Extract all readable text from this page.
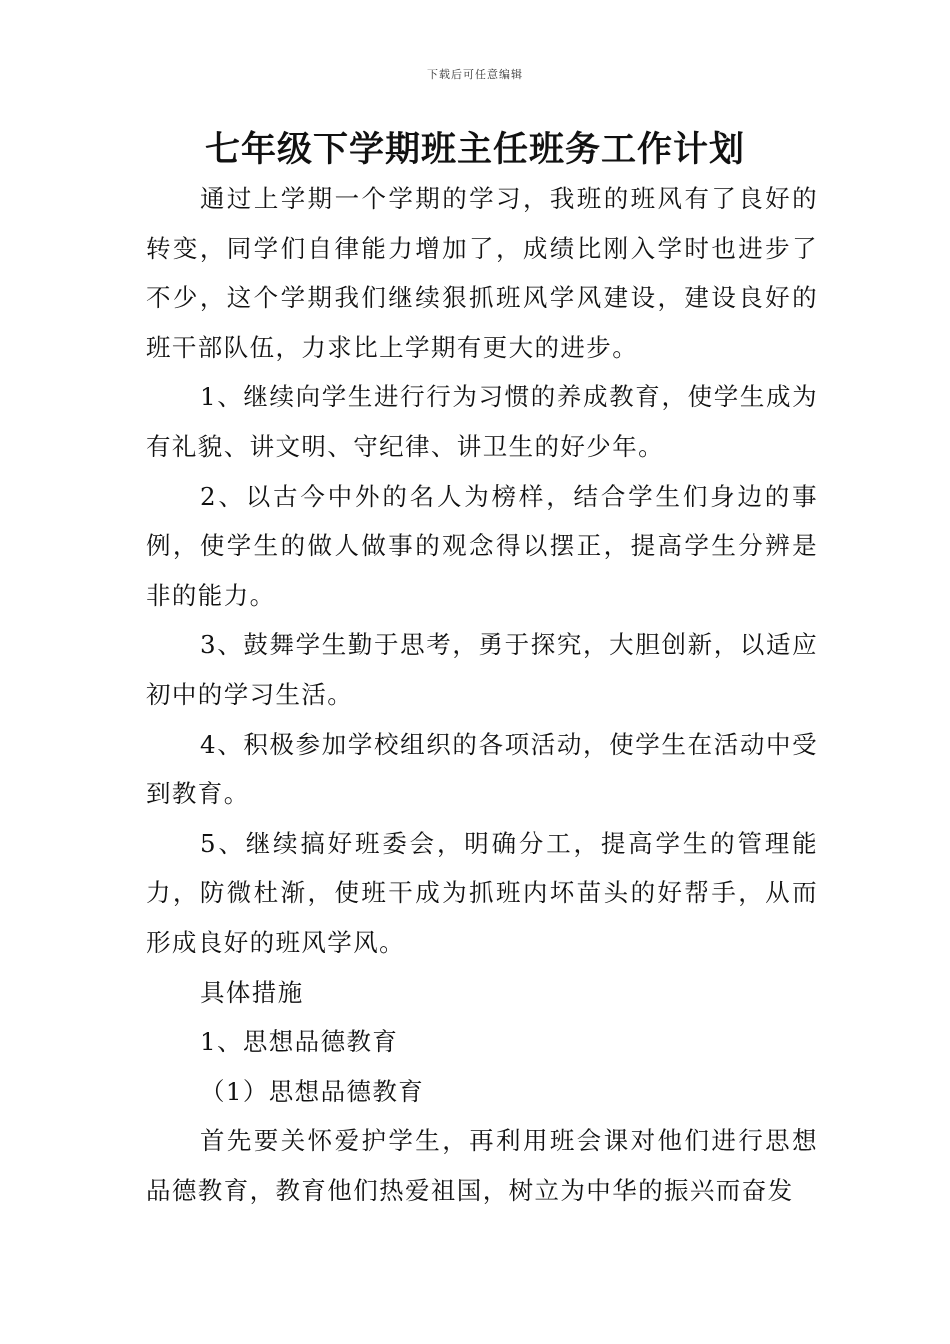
下载后可任意编辑
七年级下学期班主任班务工作计划

通过上学期一个学期的学习，我班的班风有了良好的转变，同学们自律能力增加了，成绩比刚入学时也进步了不少，这个学期我们继续狠抓班风学风建设，建设良好的班干部队伍，力求比上学期有更大的进步。

1、继续向学生进行行为习惯的养成教育，使学生成为有礼貌、讲文明、守纪律、讲卫生的好少年。

2、以古今中外的名人为榜样，结合学生们身边的事例，使学生的做人做事的观念得以摆正，提高学生分辨是非的能力。

3、鼓舞学生勤于思考，勇于探究，大胆创新，以适应初中的学习生活。

4、积极参加学校组织的各项活动，使学生在活动中受到教育。

5、继续搞好班委会，明确分工，提高学生的管理能力，防微杜渐，使班干成为抓班内坏苗头的好帮手，从而形成良好的班风学风。

具体措施

1、思想品德教育

（1）思想品德教育

首先要关怀爱护学生，再利用班会课对他们进行思想品德教育，教育他们热爱祖国，树立为中华的振兴而奋发
